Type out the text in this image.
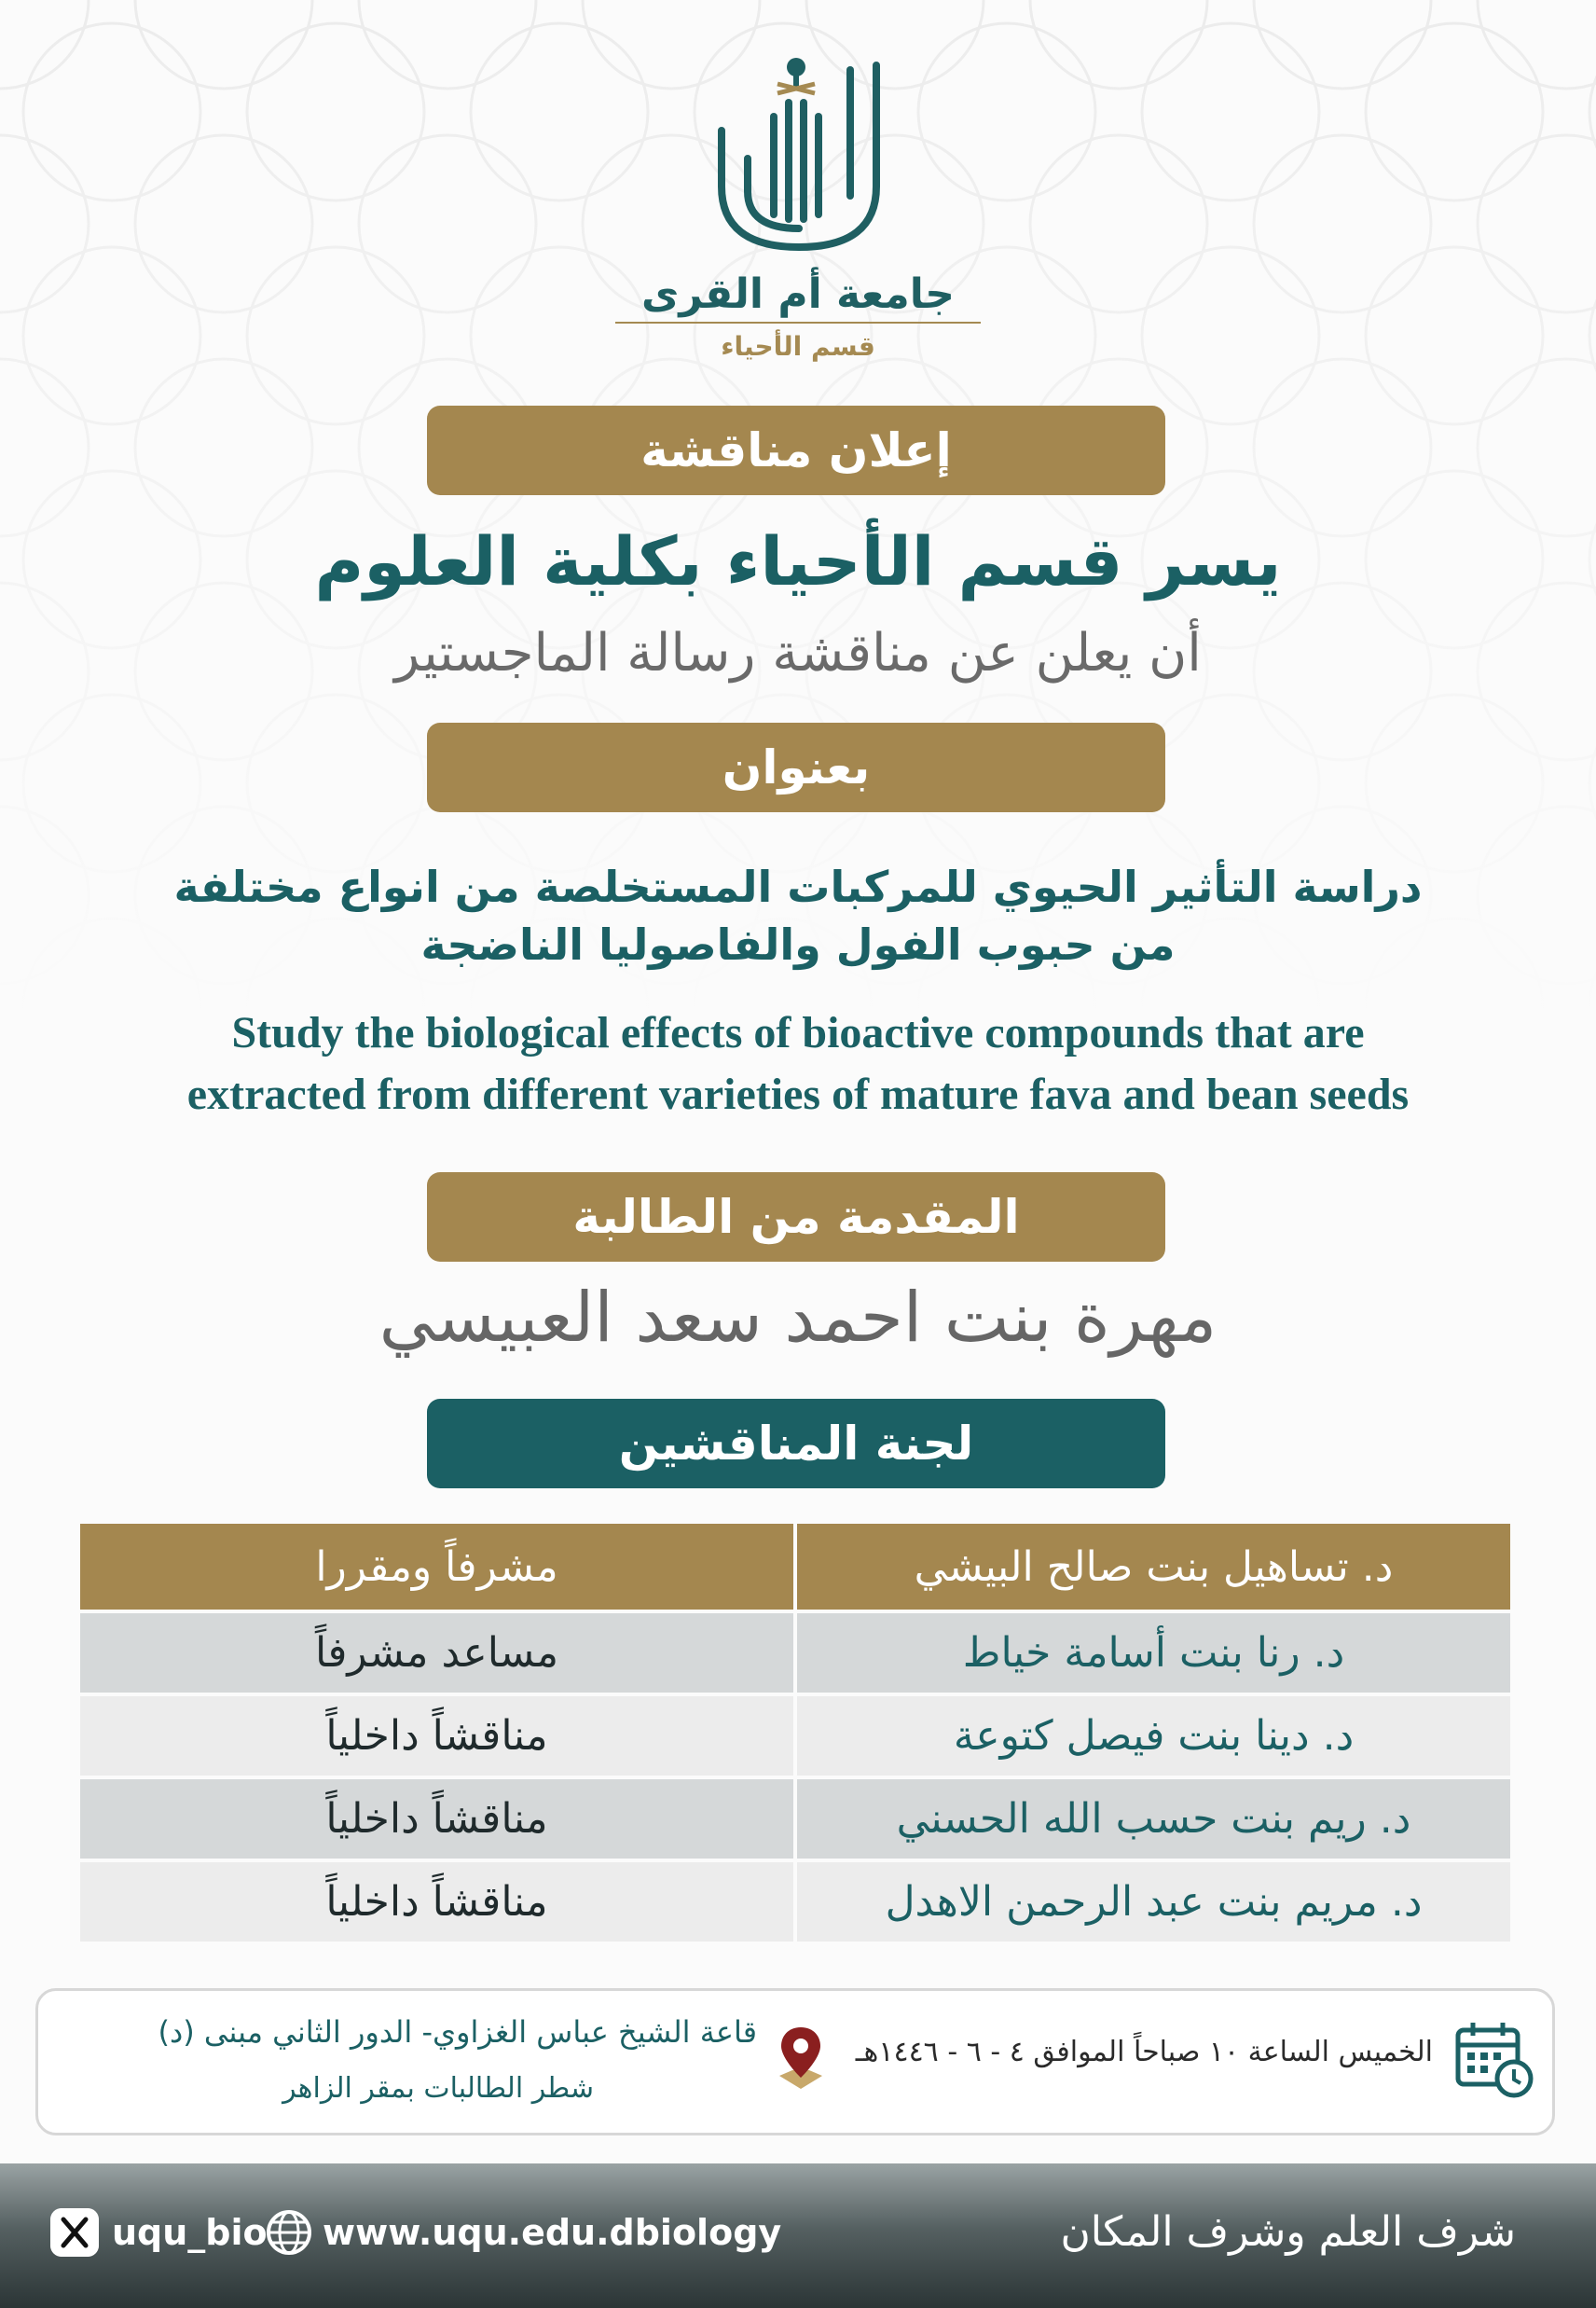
جامعة أم القرى
قسم الأحياء
إعلان مناقشة
يسر قسم الأحياء بكلية العلوم
أن يعلن عن مناقشة رسالة الماجستير
بعنوان
دراسة التأثير الحيوي للمركبات المستخلصة من انواع مختلفة
من حبوب الفول والفاصوليا الناضجة
Study the biological effects of bioactive compounds that are
extracted from different varieties of mature fava and bean seeds
المقدمة من الطالبة
مهرة بنت احمد سعد العبيسي
لجنة المناقشين
د. تساهيل بنت صالح البيشي	مشرفاً ومقررا
د. رنا بنت أسامة خياط	مساعد مشرفاً
د. دينا بنت فيصل كتوعة	مناقشاً داخلياً
د. ريم بنت حسب الله الحسني	مناقشاً داخلياً
د. مريم بنت عبد الرحمن الاهدل	مناقشاً داخلياً
الخميس الساعة ١٠ صباحاً الموافق ٤ - ٦ - ١٤٤٦هـ
قاعة الشيخ عباس الغزاوي- الدور الثاني مبنى (د)
شطر الطالبات بمقر الزاهر
uqu_bio www.uqu.edu.dbiology	شرف العلم وشرف المكان
